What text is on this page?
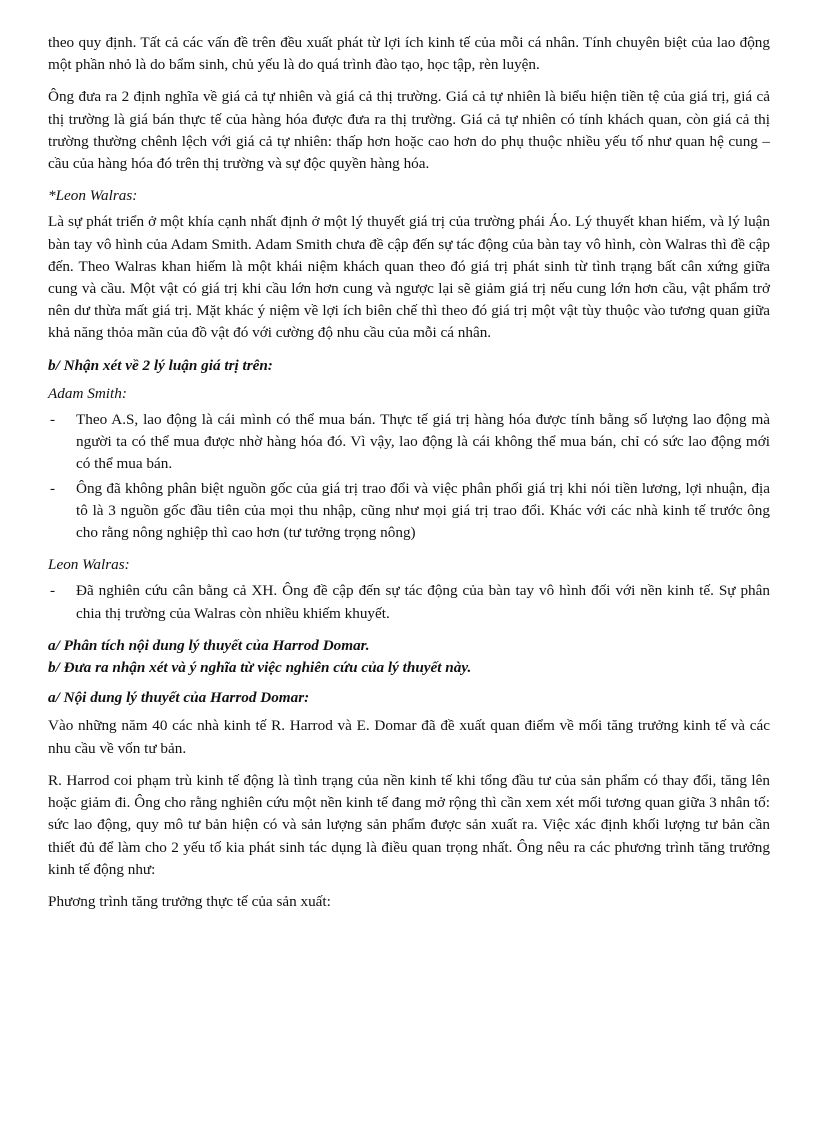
theo quy định. Tất cả các vấn đề trên đều xuất phát từ lợi ích kinh tế của mỗi cá nhân. Tính chuyên biệt của lao động một phần nhỏ là do bẩm sinh, chủ yếu là do quá trình đào tạo, học tập, rèn luyện.

Ông đưa ra 2 định nghĩa về giá cả tự nhiên và giá cả thị trường. Giá cả tự nhiên là biểu hiện tiền tệ của giá trị, giá cả thị trường là giá bán thực tế của hàng hóa được đưa ra thị trường. Giá cả tự nhiên có tính khách quan, còn giá cả thị trường thường chênh lệch với giá cả tự nhiên: thấp hơn hoặc cao hơn do phụ thuộc nhiều yếu tố như quan hệ cung – cầu của hàng hóa đó trên thị trường và sự độc quyền hàng hóa.

*Leon Walras:

Là sự phát triển ở một khía cạnh nhất định ở một lý thuyết giá trị của trường phái Áo. Lý thuyết khan hiếm, và lý luận bàn tay vô hình của Adam Smith. Adam Smith chưa đề cập đến sự tác động của bàn tay vô hình, còn Walras thì đề cập đến. Theo Walras khan hiếm là một khái niệm khách quan theo đó giá trị phát sinh từ tình trạng bất cân xứng giữa cung và cầu. Một vật có giá trị khi cầu lớn hơn cung và ngược lại sẽ giảm giá trị nếu cung lớn hơn cầu, vật phẩm trở nên dư thừa mất giá trị. Mặt khác ý niệm về lợi ích biên chế thì theo đó giá trị một vật tùy thuộc vào tương quan giữa khả năng thỏa mãn của đồ vật đó với cường độ nhu cầu của mỗi cá nhân.

b/ Nhận xét về 2 lý luận giá trị trên:

Adam Smith:

- Theo A.S, lao động là cái mình có thể mua bán. Thực tế giá trị hàng hóa được tính bằng số lượng lao động mà người ta có thể mua được nhờ hàng hóa đó. Vì vậy, lao động là cái không thể mua bán, chỉ có sức lao động mới có thể mua bán.
- Ông đã không phân biệt nguồn gốc của giá trị trao đổi và việc phân phối giá trị khi nói tiền lương, lợi nhuận, địa tô là 3 nguồn gốc đầu tiên của mọi thu nhập, cũng như mọi giá trị trao đổi. Khác với các nhà kinh tế trước ông cho rằng nông nghiệp thì cao hơn (tư tưởng trọng nông)

Leon Walras:

- Đã nghiên cứu cân bằng cả XH. Ông đề cập đến sự tác động của bàn tay vô hình đối với nền kinh tế. Sự phân chia thị trường của Walras còn nhiều khiếm khuyết.
a/ Phân tích nội dung lý thuyết của Harrod Domar.
b/ Đưa ra nhận xét và ý nghĩa từ việc nghiên cứu của lý thuyết này.

a/ Nội dung lý thuyết của Harrod Domar:

Vào những năm 40 các nhà kinh tế R. Harrod và E. Domar đã đề xuất quan điểm về mối tăng trưởng kinh tế và các nhu cầu về vốn tư bản.

R. Harrod coi phạm trù kinh tế động là tình trạng của nền kinh tế khi tổng đầu tư của sản phẩm có thay đổi, tăng lên hoặc giảm đi. Ông cho rằng nghiên cứu một nền kinh tế đang mở rộng thì cần xem xét mối tương quan giữa 3 nhân tố: sức lao động, quy mô tư bản hiện có và sản lượng sản phẩm được sản xuất ra. Việc xác định khối lượng tư bản cần thiết đủ để làm cho 2 yếu tố kia phát sinh tác dụng là điều quan trọng nhất. Ông nêu ra các phương trình tăng trưởng kinh tế động như:

Phương trình tăng trưởng thực tế của sản xuất:
